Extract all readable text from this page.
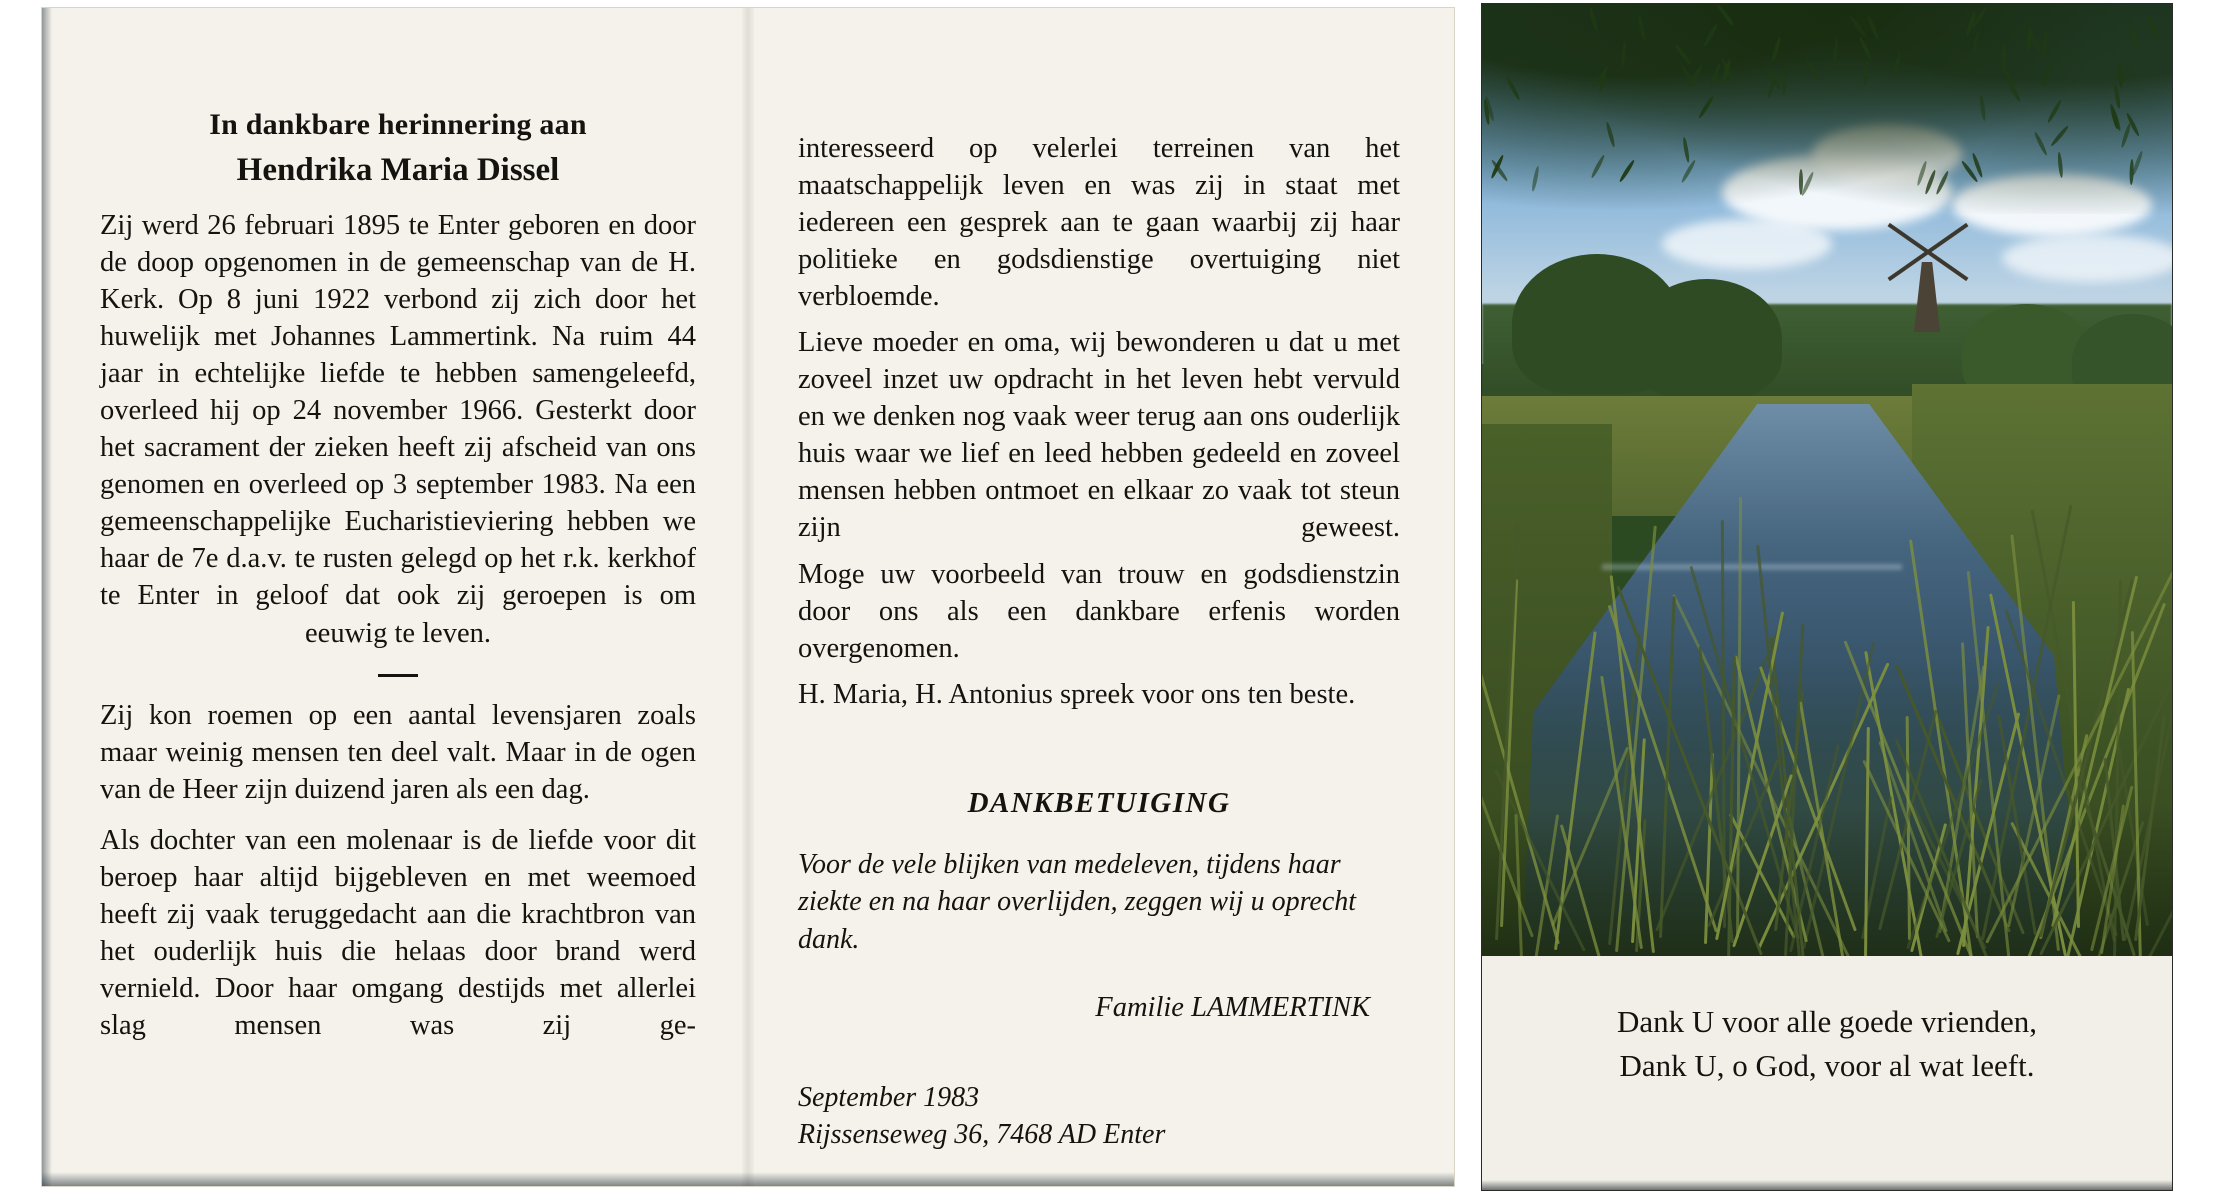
In dankbare herinnering aan
Hendrika Maria Dissel

Zij werd 26 februari 1895 te Enter geboren en door de doop opgenomen in de gemeenschap van de H. Kerk. Op 8 juni 1922 verbond zij zich door het huwelijk met Johannes Lammertink. Na ruim 44 jaar in echtelijke liefde te hebben samengeleefd, overleed hij op 24 november 1966. Gesterkt door het sacrament der zieken heeft zij afscheid van ons genomen en overleed op 3 september 1983. Na een gemeenschappelijke Eucharistieviering hebben we haar de 7e d.a.v. te rusten gelegd op het r.k. kerkhof te Enter in geloof dat ook zij geroepen is om eeuwig te leven.

Zij kon roemen op een aantal levensjaren zoals maar weinig mensen ten deel valt. Maar in de ogen van de Heer zijn duizend jaren als een dag.

Als dochter van een molenaar is de liefde voor dit beroep haar altijd bijgebleven en met weemoed heeft zij vaak teruggedacht aan die krachtbron van het ouderlijk huis die helaas door brand werd vernield. Door haar omgang destijds met allerlei slag mensen was zij ge-

interesseerd op velerlei terreinen van het maatschappelijk leven en was zij in staat met iedereen een gesprek aan te gaan waarbij zij haar politieke en godsdienstige overtuiging niet verbloemde.

Lieve moeder en oma, wij bewonderen u dat u met zoveel inzet uw opdracht in het leven hebt vervuld en we denken nog vaak weer terug aan ons ouderlijk huis waar we lief en leed hebben gedeeld en zoveel mensen hebben ontmoet en elkaar zo vaak tot steun zijn geweest.

Moge uw voorbeeld van trouw en godsdienstzin door ons als een dankbare erfenis worden overgenomen.

H. Maria, H. Antonius spreek voor ons ten beste.

DANKBETUIGING

Voor de vele blijken van medeleven, tijdens haar ziekte en na haar overlijden, zeggen wij u oprecht dank.

Familie LAMMERTINK

September 1983
Rijssenseweg 36, 7468 AD Enter

Dank U voor alle goede vrienden,

Dank U, o God, voor al wat leeft.
